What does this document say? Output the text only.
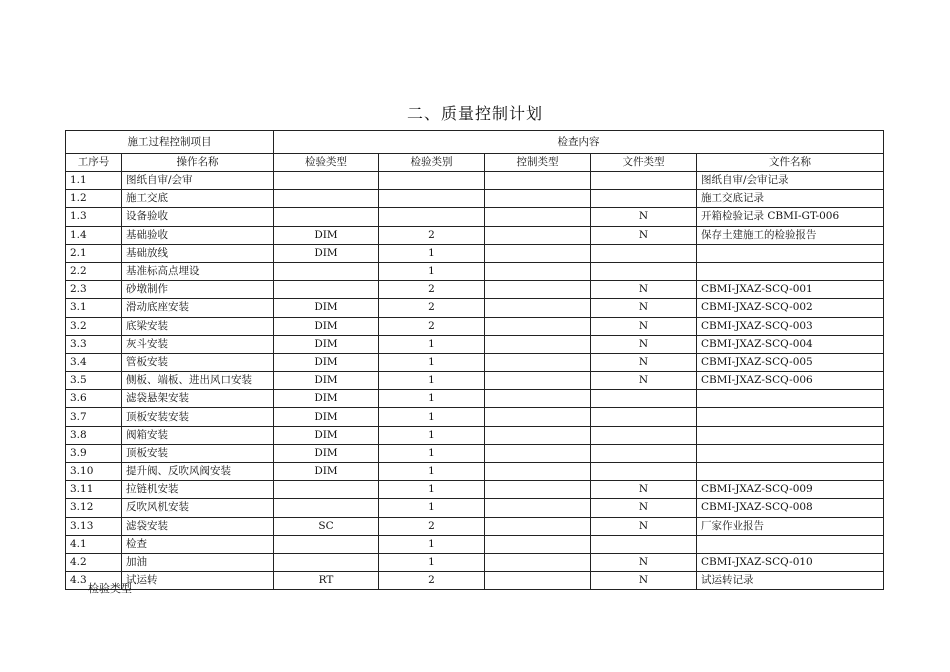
二、质量控制计划
施工过程控制项目		检查内容				
工序号	操作名称	检验类型	检验类别	控制类型	文件类型	文件名称
1.1	图纸自审/会审					图纸自审/会审记录
1.2	施工交底					施工交底记录
1.3	设备验收				N	开箱检验记录 CBMI-GT-006
1.4	基础验收	DIM	2		N	保存土建施工的检验报告
2.1	基础放线	DIM	1			
2.2	基准标高点埋设		1			
2.3	砂墩制作		2		N	CBMI-JXAZ-SCQ-001
3.1	滑动底座安装	DIM	2		N	CBMI-JXAZ-SCQ-002
3.2	底梁安装	DIM	2		N	CBMI-JXAZ-SCQ-003
3.3	灰斗安装	DIM	1		N	CBMI-JXAZ-SCQ-004
3.4	管板安装	DIM	1		N	CBMI-JXAZ-SCQ-005
3.5	侧板、端板、进出风口安装	DIM	1		N	CBMI-JXAZ-SCQ-006
3.6	滤袋悬架安装	DIM	1			
3.7	顶板安装安装	DIM	1			
3.8	阀箱安装	DIM	1			
3.9	顶板安装	DIM	1			
3.10	提升阀、反吹风阀安装	DIM	1			
3.11	拉链机安装		1		N	CBMI-JXAZ-SCQ-009
3.12	反吹风机安装		1		N	CBMI-JXAZ-SCQ-008
3.13	滤袋安装	SC	2		N	厂家作业报告
4.1	检查		1			
4.2	加油		1		N	CBMI-JXAZ-SCQ-010
4.3	试运转	RT	2		N	试运转记录
检验类型
